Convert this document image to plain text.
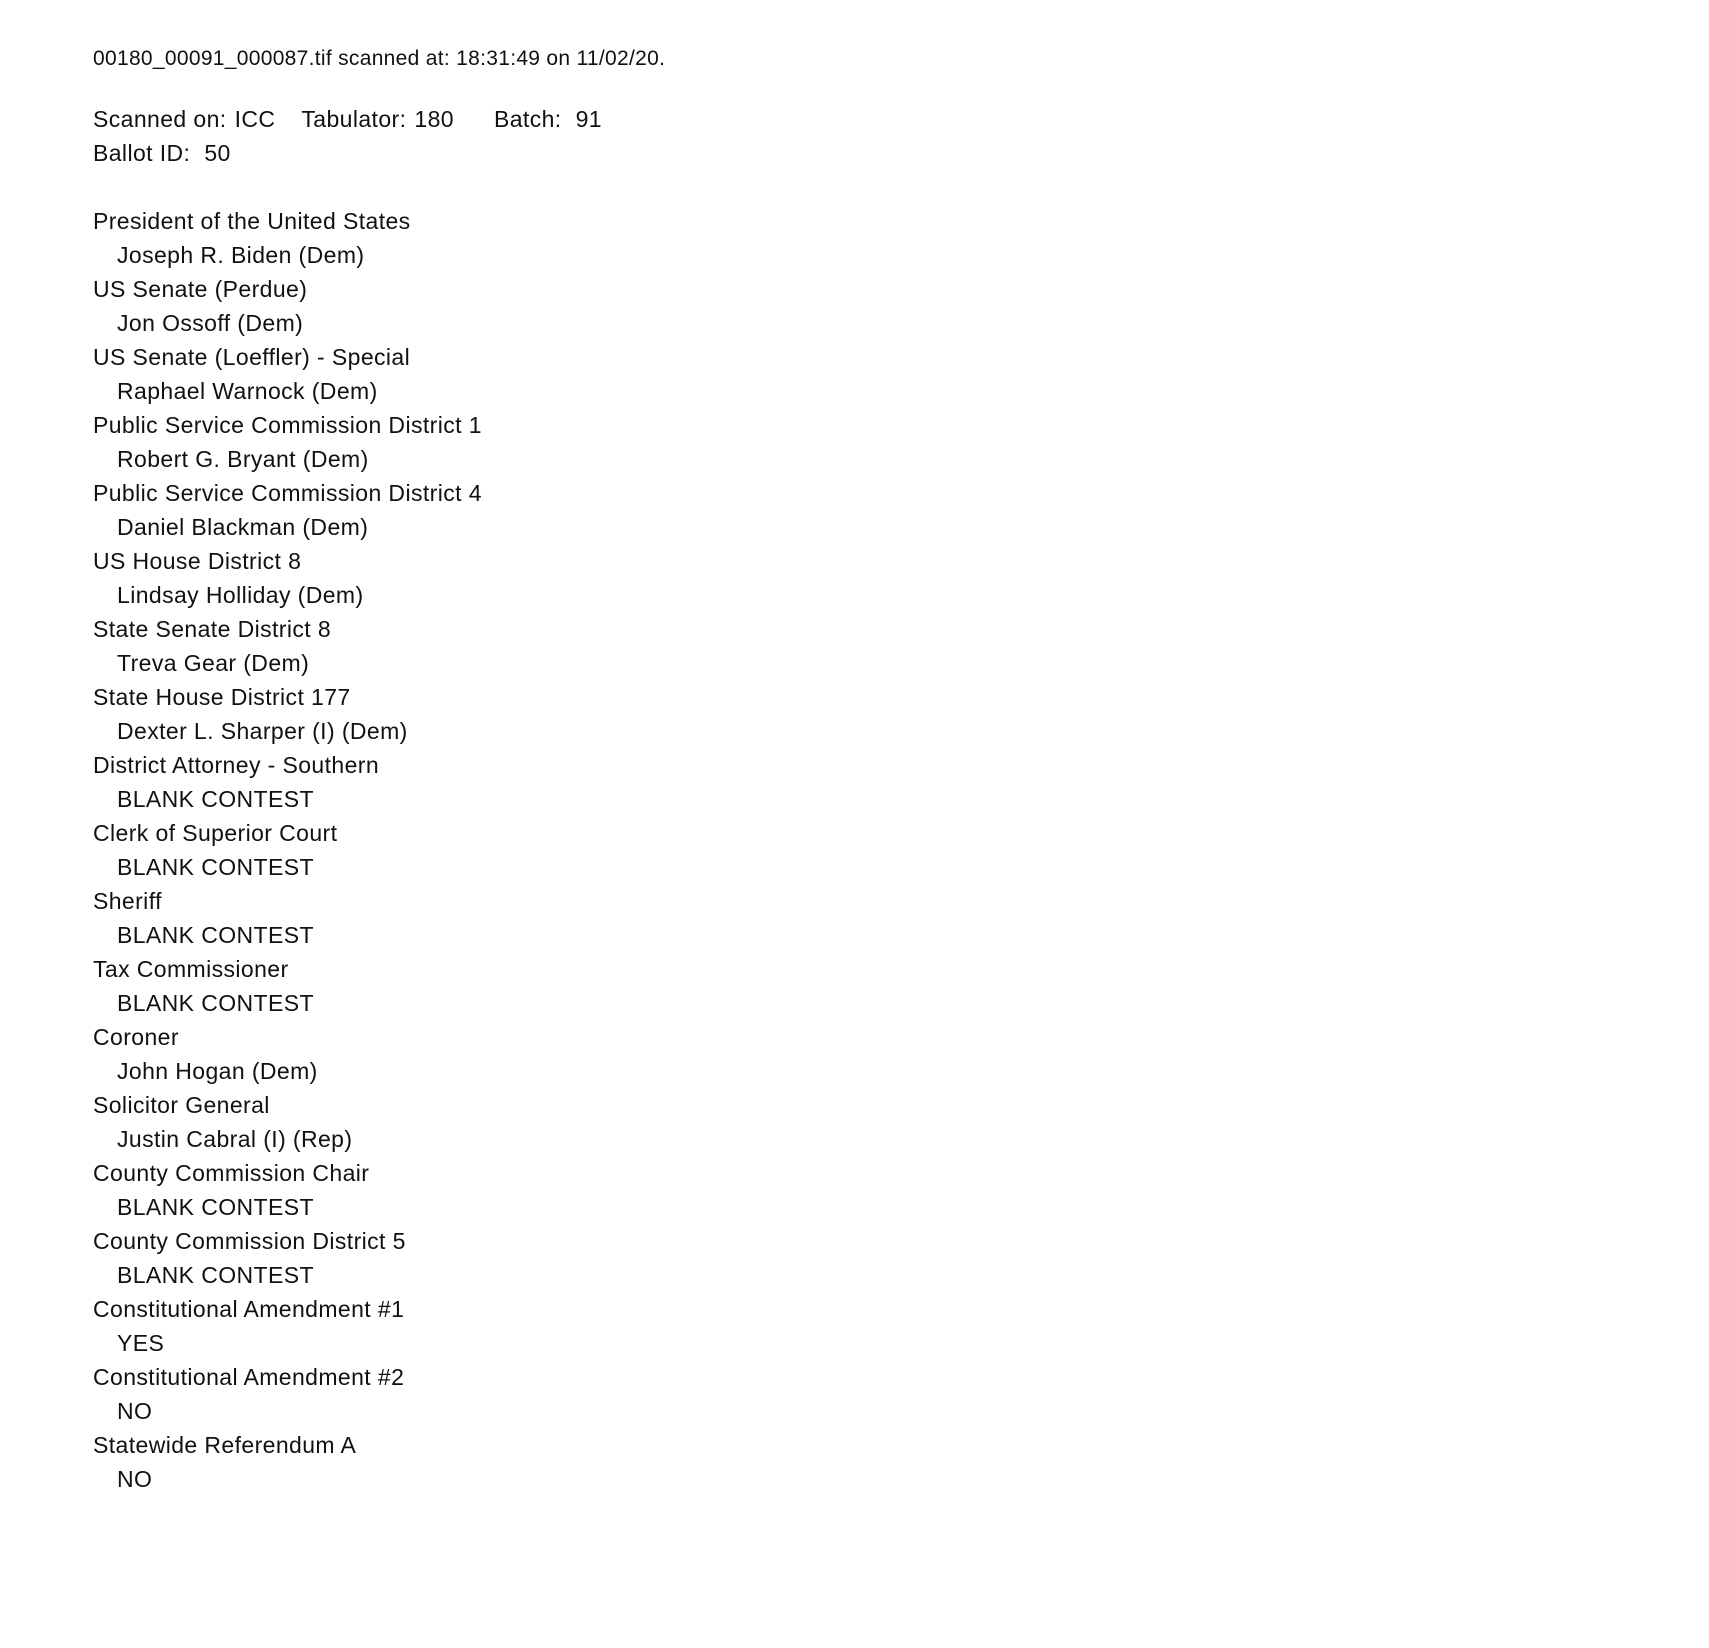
00180_00091_000087.tif scanned at: 18:31:49 on 11/02/20.
Scanned on: ICC Tabulator: 180 Batch: 91
Ballot ID: 50
President of the United States
Joseph R. Biden (Dem)
US Senate (Perdue)
Jon Ossoff (Dem)
US Senate (Loeffler) - Special
Raphael Warnock (Dem)
Public Service Commission District 1
Robert G. Bryant (Dem)
Public Service Commission District 4
Daniel Blackman (Dem)
US House District 8
Lindsay Holliday (Dem)
State Senate District 8
Treva Gear (Dem)
State House District 177
Dexter L. Sharper (I) (Dem)
District Attorney - Southern
BLANK CONTEST
Clerk of Superior Court
BLANK CONTEST
Sheriff
BLANK CONTEST
Tax Commissioner
BLANK CONTEST
Coroner
John Hogan (Dem)
Solicitor General
Justin Cabral (I) (Rep)
County Commission Chair
BLANK CONTEST
County Commission District 5
BLANK CONTEST
Constitutional Amendment #1
YES
Constitutional Amendment #2
NO
Statewide Referendum A
NO
